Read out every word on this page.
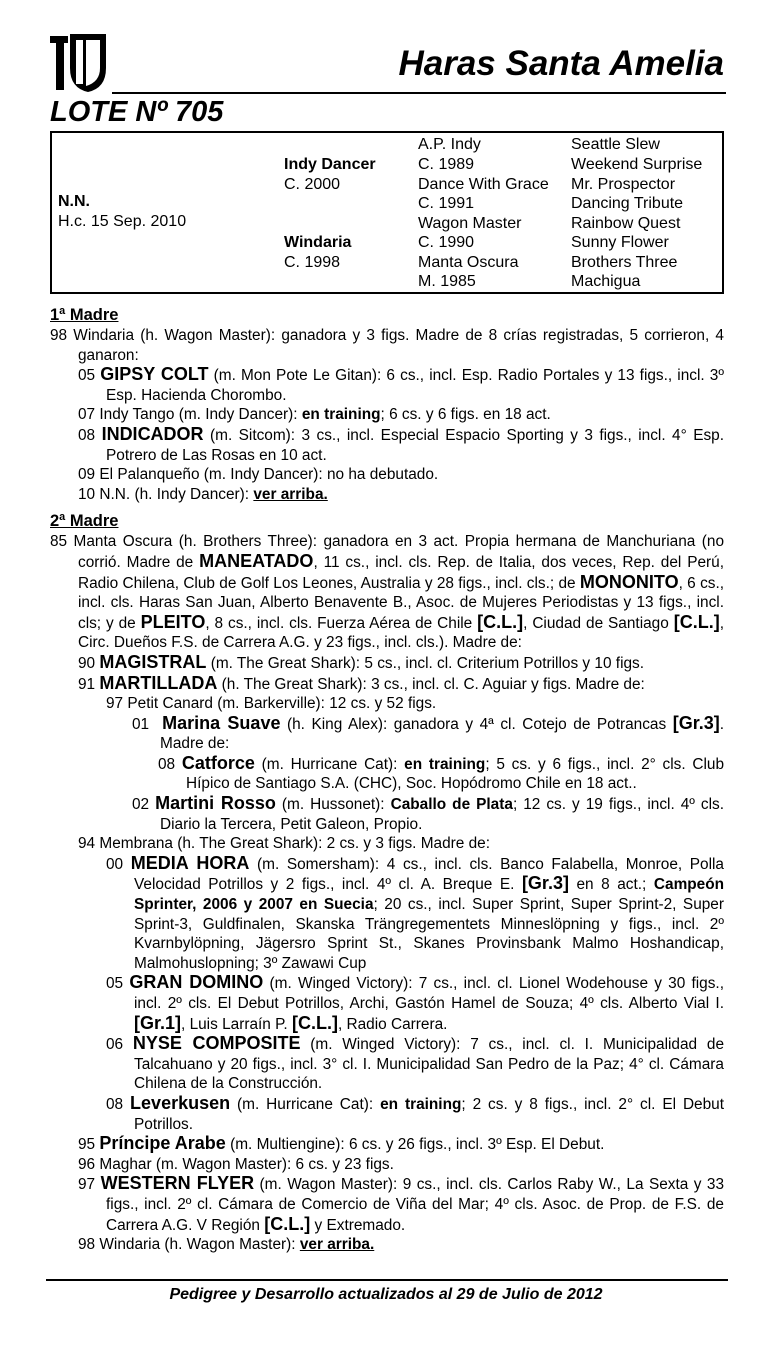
Haras Santa Amelia
LOTE Nº 705
N.N.
H.c. 15 Sep. 2010
Indy Dancer
C. 2000
Windaria
C. 1998
A.P. Indy
C. 1989
Dance With Grace
C. 1991
Wagon Master
C. 1990
Manta Oscura
M. 1985
Seattle Slew
Weekend Surprise
Mr. Prospector
Dancing Tribute
Rainbow Quest
Sunny Flower
Brothers Three
Machigua
1ª Madre
98 Windaria (h. Wagon Master): ganadora y 3 figs. Madre de 8 crías registradas, 5 corrieron, 4 ganaron:
05 GIPSY COLT (m. Mon Pote Le Gitan): 6 cs., incl. Esp. Radio Portales y 13 figs., incl. 3º Esp. Hacienda Chorombo.
07 Indy Tango (m. Indy Dancer): en training; 6 cs. y 6 figs. en 18 act.
08 INDICADOR (m. Sitcom): 3 cs., incl. Especial Espacio Sporting y 3 figs., incl. 4° Esp. Potrero de Las Rosas en 10 act.
09 El Palanqueño (m. Indy Dancer): no ha debutado.
10 N.N. (h. Indy Dancer): ver arriba.
2ª Madre
85 Manta Oscura (h. Brothers Three): ganadora en 3 act. Propia hermana de Manchuriana (no corrió. Madre de MANEATADO, 11 cs., incl. cls. Rep. de Italia, dos veces, Rep. del Perú, Radio Chilena, Club de Golf Los Leones, Australia y 28 figs., incl. cls.; de MONONITO, 6 cs., incl. cls. Haras San Juan, Alberto Benavente B., Asoc. de Mujeres Periodistas y 13 figs., incl. cls; y de PLEITO, 8 cs., incl. cls. Fuerza Aérea de Chile [C.L.], Ciudad de Santiago [C.L.], Circ. Dueños F.S. de Carrera A.G. y 23 figs., incl. cls.). Madre de:
90 MAGISTRAL (m. The Great Shark): 5 cs., incl. cl. Criterium Potrillos y 10 figs.
91 MARTILLADA (h. The Great Shark): 3 cs., incl. cl. C. Aguiar y figs. Madre de:
97 Petit Canard (m. Barkerville): 12 cs. y 52 figs.
01 Marina Suave (h. King Alex): ganadora y 4ª cl. Cotejo de Potrancas [Gr.3]. Madre de:
08 Catforce (m. Hurricane Cat): en training; 5 cs. y 6 figs., incl. 2° cls. Club Hípico de Santiago S.A. (CHC), Soc. Hopódromo Chile en 18 act..
02 Martini Rosso (m. Hussonet): Caballo de Plata; 12 cs. y 19 figs., incl. 4º cls. Diario la Tercera, Petit Galeon, Propio.
94 Membrana (h. The Great Shark): 2 cs. y 3 figs. Madre de:
00 MEDIA HORA (m. Somersham): 4 cs., incl. cls. Banco Falabella, Monroe, Polla Velocidad Potrillos y 2 figs., incl. 4º cl. A. Breque E. [Gr.3] en 8 act.; Campeón Sprinter, 2006 y 2007 en Suecia; 20 cs., incl. Super Sprint, Super Sprint-2, Super Sprint-3, Guldfinalen, Skanska Trängregementets Minneslöpning y figs., incl. 2º Kvarnbylöpning, Jägersro Sprint St., Skanes Provinsbank Malmo Hoshandicap, Malmohuslopning; 3º Zawawi Cup
05 GRAN DOMINO (m. Winged Victory): 7 cs., incl. cl. Lionel Wodehouse y 30 figs., incl. 2º cls. El Debut Potrillos, Archi, Gastón Hamel de Souza; 4º cls. Alberto Vial I. [Gr.1], Luis Larraín P. [C.L.], Radio Carrera.
06 NYSE COMPOSITE (m. Winged Victory): 7 cs., incl. cl. I. Municipalidad de Talcahuano y 20 figs., incl. 3° cl. I. Municipalidad San Pedro de la Paz; 4° cl. Cámara Chilena de la Construcción.
08 Leverkusen (m. Hurricane Cat): en training; 2 cs. y 8 figs., incl. 2° cl. El Debut Potrillos.
95 Príncipe Arabe (m. Multiengine): 6 cs. y 26 figs., incl. 3º Esp. El Debut.
96 Maghar (m. Wagon Master): 6 cs. y 23 figs.
97 WESTERN FLYER (m. Wagon Master): 9 cs., incl. cls. Carlos Raby W., La Sexta y 33 figs., incl. 2º cl. Cámara de Comercio de Viña del Mar; 4º cls. Asoc. de Prop. de F.S. de Carrera A.G. V Región [C.L.] y Extremado.
98 Windaria (h. Wagon Master): ver arriba.
Pedigree y Desarrollo actualizados al 29 de Julio de 2012
